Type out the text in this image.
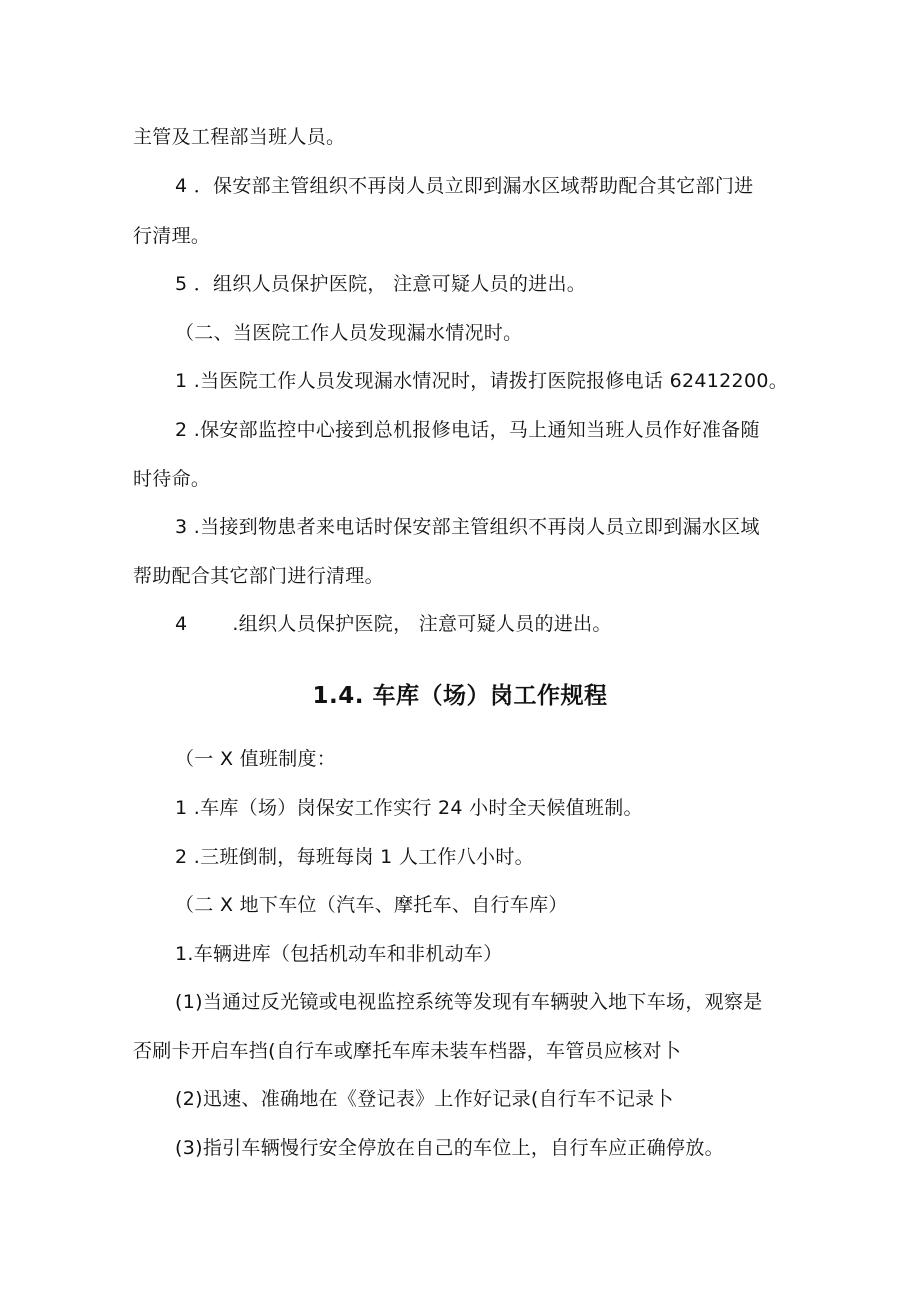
主管及工程部当班人员。
4 ．保安部主管组织不再岗人员立即到漏水区域帮助配合其它部门进
行清理。
5 ．组织人员保护医院， 注意可疑人员的进出。
（二、当医院工作人员发现漏水情况时。
1 .当医院工作人员发现漏水情况时，请拨打医院报修电话 62412200。
2 .保安部监控中心接到总机报修电话，马上通知当班人员作好准备随
时待命。
3 .当接到物患者来电话时保安部主管组织不再岗人员立即到漏水区域
帮助配合其它部门进行清理。
4 　　.组织人员保护医院， 注意可疑人员的进出。
1.4. 车库（场）岗工作规程
（一 X 值班制度：
1 .车库（场）岗保安工作实行 24 小时全天候值班制。
2 .三班倒制，每班每岗 1 人工作八小时。
（二 X 地下车位（汽车、摩托车、自行车库）
1.车辆进库（包括机动车和非机动车）
(1)当通过反光镜或电视监控系统等发现有车辆驶入地下车场，观察是
否刷卡开启车挡(自行车或摩托车库未装车档器，车管员应核对卜
(2)迅速、准确地在《登记表》上作好记录(自行车不记录卜
(3)指引车辆慢行安全停放在自己的车位上，自行车应正确停放。
